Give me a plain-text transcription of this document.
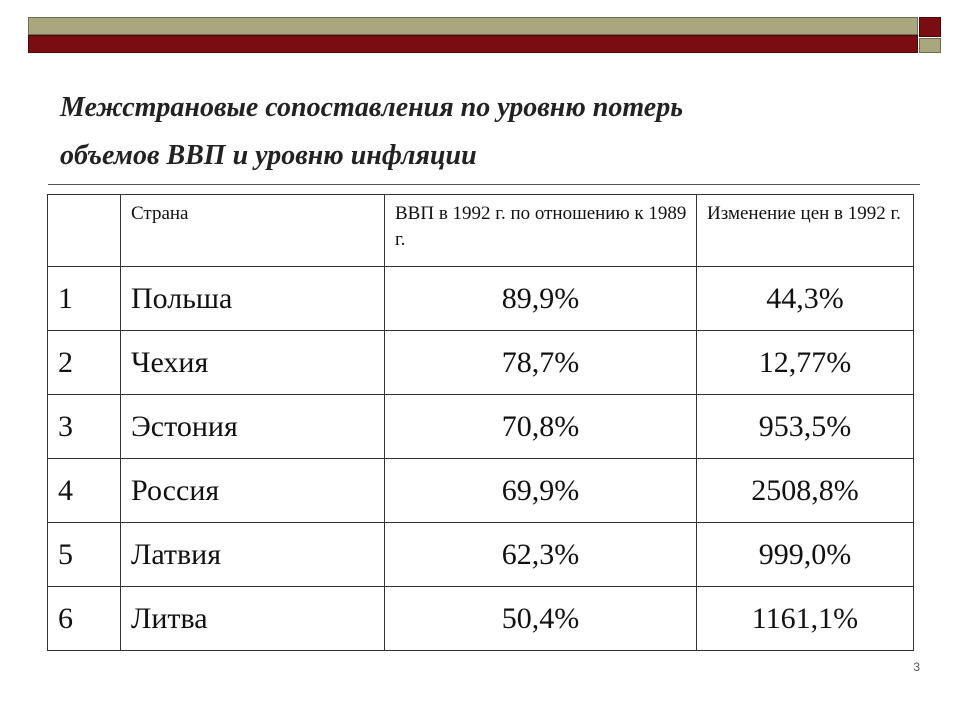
Межстрановые сопоставления по уровню потерь
объемов ВВП и уровню инфляции
	Страна	ВВП в 1992 г. по отношению к 1989 г.	Изменение цен в 1992 г.
1	Польша	89,9%	44,3%
2	Чехия	78,7%	12,77%
3	Эстония	70,8%	953,5%
4	Россия	69,9%	2508,8%
5	Латвия	62,3%	999,0%
6	Литва	50,4%	1161,1%
3
